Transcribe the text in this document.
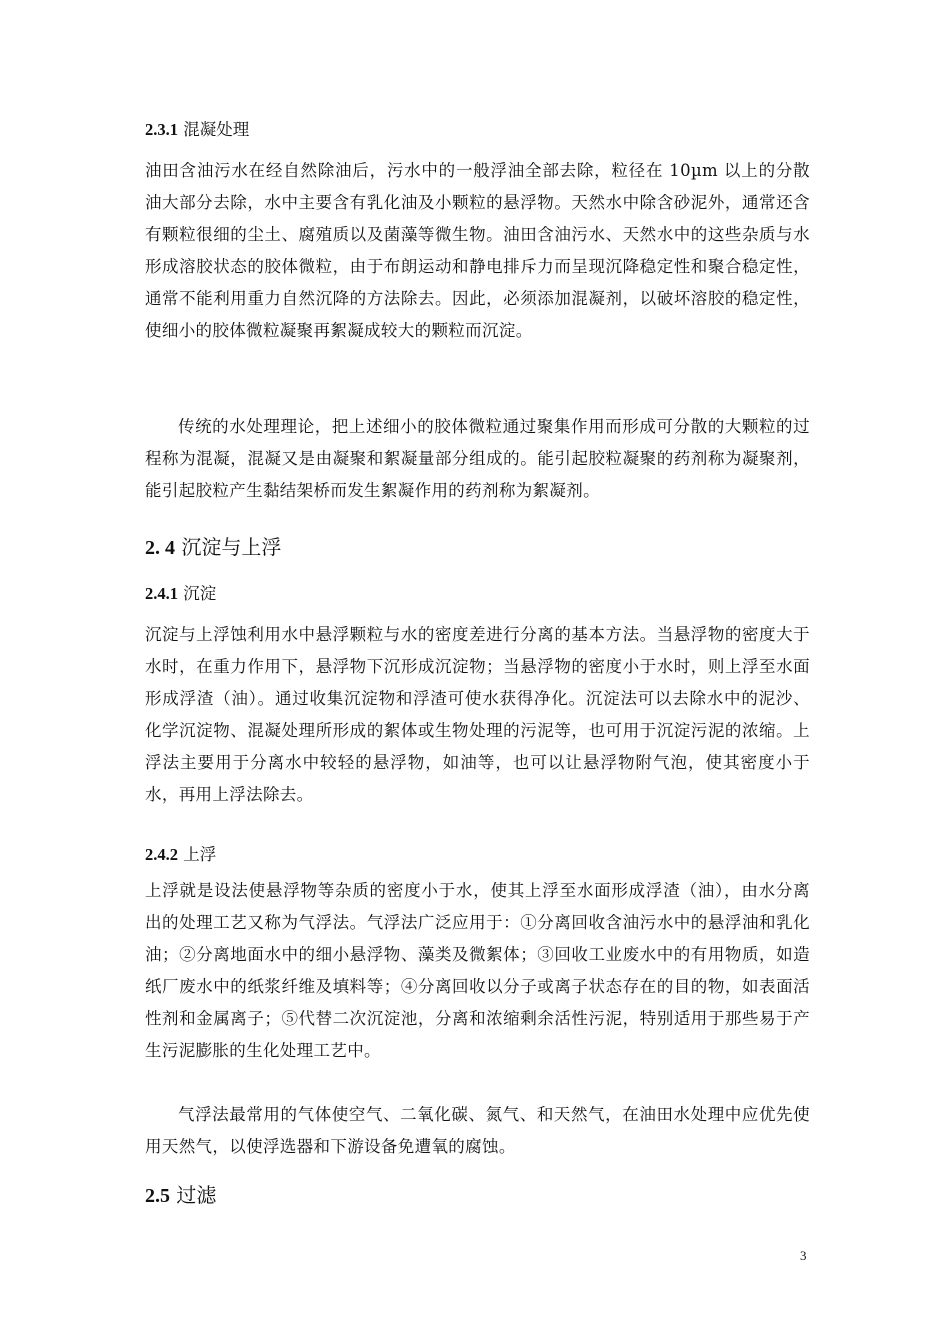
2.3.1 混凝处理

油田含油污水在经自然除油后，污水中的一般浮油全部去除，粒径在 10µm 以上的分散油大部分去除，水中主要含有乳化油及小颗粒的悬浮物。天然水中除含砂泥外，通常还含有颗粒很细的尘土、腐殖质以及菌藻等微生物。油田含油污水、天然水中的这些杂质与水形成溶胶状态的胶体微粒，由于布朗运动和静电排斥力而呈现沉降稳定性和聚合稳定性，通常不能利用重力自然沉降的方法除去。因此，必须添加混凝剂，以破坏溶胶的稳定性，使细小的胶体微粒凝聚再絮凝成较大的颗粒而沉淀。

传统的水处理理论，把上述细小的胶体微粒通过聚集作用而形成可分散的大颗粒的过程称为混凝，混凝又是由凝聚和絮凝量部分组成的。能引起胶粒凝聚的药剂称为凝聚剂，能引起胶粒产生黏结架桥而发生絮凝作用的药剂称为絮凝剂。

2. 4 沉淀与上浮
2.4.1 沉淀

沉淀与上浮蚀利用水中悬浮颗粒与水的密度差进行分离的基本方法。当悬浮物的密度大于水时，在重力作用下，悬浮物下沉形成沉淀物；当悬浮物的密度小于水时，则上浮至水面形成浮渣（油）。通过收集沉淀物和浮渣可使水获得净化。沉淀法可以去除水中的泥沙、化学沉淀物、混凝处理所形成的絮体或生物处理的污泥等，也可用于沉淀污泥的浓缩。上浮法主要用于分离水中较轻的悬浮物，如油等，也可以让悬浮物附气泡，使其密度小于水，再用上浮法除去。

2.4.2 上浮

上浮就是设法使悬浮物等杂质的密度小于水，使其上浮至水面形成浮渣（油），由水分离出的处理工艺又称为气浮法。气浮法广泛应用于：①分离回收含油污水中的悬浮油和乳化油；②分离地面水中的细小悬浮物、藻类及微絮体；③回收工业废水中的有用物质，如造纸厂废水中的纸浆纤维及填料等；④分离回收以分子或离子状态存在的目的物，如表面活性剂和金属离子；⑤代替二次沉淀池，分离和浓缩剩余活性污泥，特别适用于那些易于产生污泥膨胀的生化处理工艺中。

气浮法最常用的气体使空气、二氧化碳、氮气、和天然气，在油田水处理中应优先使用天然气，以使浮选器和下游设备免遭氧的腐蚀。

2.5 过滤
3
